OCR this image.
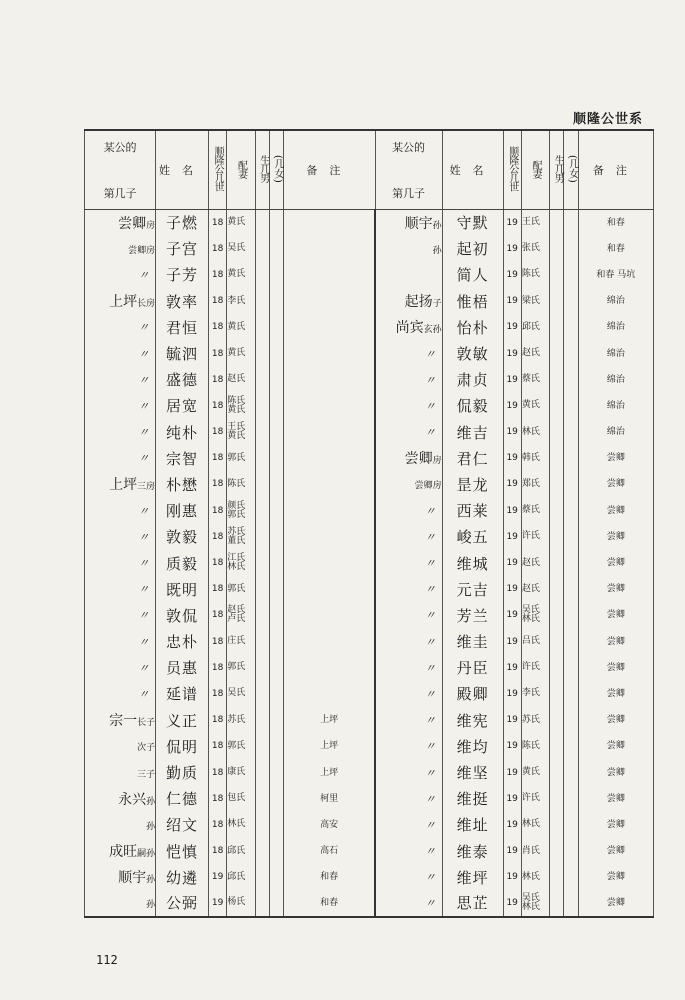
顺隆公世系
某公的
第几子	姓名	顺隆公几世	配妻	生几男	(几女)	备注	某公的
第几子	姓名	顺隆公几世	配妻	生几男	(几女)	备注
尝卿房	子燃	18	黄氏				顺宇孙	守默	19	王氏			和春
尝卿房	子宫	18	吴氏				孙	起初	19	张氏			和春
〃	子芳	18	黄氏					简人	19	陈氏			和春 马坑
上坪长房	敦率	18	李氏				起扬子	惟梧	19	梁氏			绵治
〃	君恒	18	黄氏				尚宾玄孙	怡朴	19	邱氏			绵治
〃	毓泗	18	黄氏				〃	敦敏	19	赵氏			绵治
〃	盛德	18	赵氏				〃	肃贞	19	蔡氏			绵治
〃	居宽	18	陈氏 黄氏				〃	侃毅	19	黄氏			绵治
〃	纯朴	18	王氏 黄氏				〃	维吉	19	林氏			绵治
〃	宗智	18	郭氏				尝卿房	君仁	19	韩氏			尝卿
上坪三房	朴懋	18	陈氏				尝卿房	昰龙	19	郑氏			尝卿
〃	刚惠	18	颜氏 郭氏				〃	西莱	19	蔡氏			尝卿
〃	敦毅	18	苏氏 董氏				〃	峻五	19	许氏			尝卿
〃	质毅	18	江氏 林氏				〃	维城	19	赵氏			尝卿
〃	既明	18	郭氏				〃	元吉	19	赵氏			尝卿
〃	敦侃	18	赵氏 卢氏				〃	芳兰	19	吴氏 林氏			尝卿
〃	忠朴	18	庄氏				〃	维圭	19	吕氏			尝卿
〃	员惠	18	郭氏				〃	丹臣	19	许氏			尝卿
〃	延谱	18	吴氏				〃	殿卿	19	李氏			尝卿
宗一长子	义正	18	苏氏			上坪	〃	维宪	19	苏氏			尝卿
次子	侃明	18	郭氏			上坪	〃	维均	19	陈氏			尝卿
三子	勤质	18	康氏			上坪	〃	维坚	19	黄氏			尝卿
永兴孙	仁德	18	包氏			柯里	〃	维挺	19	许氏			尝卿
孙	绍文	18	林氏			高安	〃	维址	19	林氏			尝卿
成旺嗣孙	恺慎	18	邱氏			高石	〃	维泰	19	肖氏			尝卿
顺宇孙	幼遴	19	邱氏			和春	〃	维坪	19	林氏			尝卿
孙	公弼	19	杨氏			和春	〃	思芷	19	吴氏 林氏			尝卿
112
